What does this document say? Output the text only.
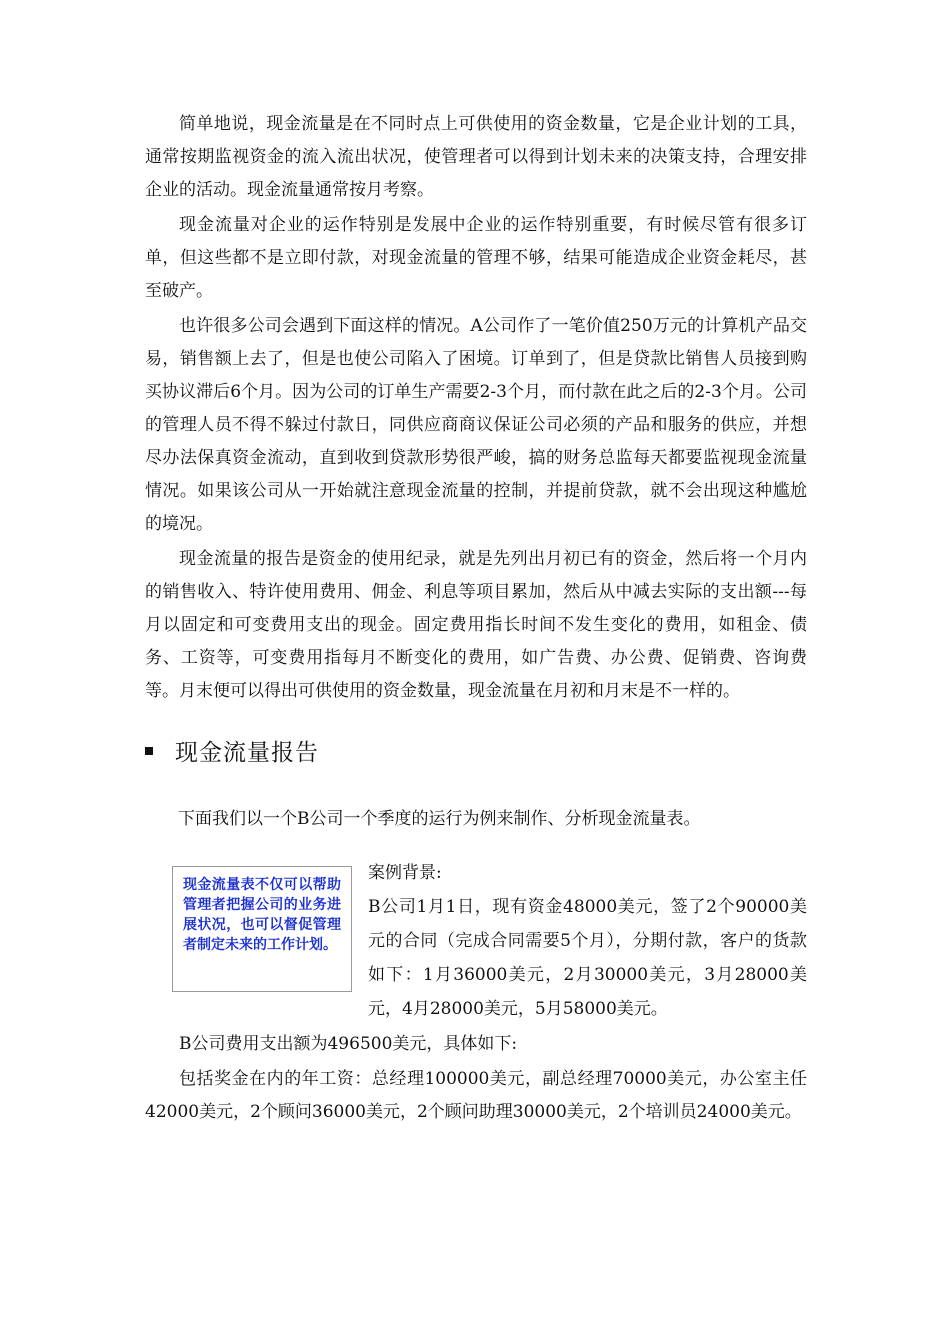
简单地说，现金流量是在不同时点上可供使用的资金数量，它是企业计划的工具，通常按期监视资金的流入流出状况，使管理者可以得到计划未来的决策支持，合理安排企业的活动。现金流量通常按月考察。

现金流量对企业的运作特别是发展中企业的运作特别重要，有时候尽管有很多订单，但这些都不是立即付款，对现金流量的管理不够，结果可能造成企业资金耗尽，甚至破产。

也许很多公司会遇到下面这样的情况。A公司作了一笔价值250万元的计算机产品交易，销售额上去了，但是也使公司陷入了困境。订单到了，但是贷款比销售人员接到购买协议滞后6个月。因为公司的订单生产需要2-3个月，而付款在此之后的2-3个月。公司的管理人员不得不躲过付款日，同供应商商议保证公司必须的产品和服务的供应，并想尽办法保真资金流动，直到收到贷款形势很严峻，搞的财务总监每天都要监视现金流量情况。如果该公司从一开始就注意现金流量的控制，并提前贷款，就不会出现这种尴尬的境况。

现金流量的报告是资金的使用纪录，就是先列出月初已有的资金，然后将一个月内的销售收入、特许使用费用、佣金、利息等项目累加，然后从中减去实际的支出额---每月以固定和可变费用支出的现金。固定费用指长时间不发生变化的费用，如租金、债务、工资等，可变费用指每月不断变化的费用，如广告费、办公费、促销费、咨询费等。月末便可以得出可供使用的资金数量，现金流量在月初和月末是不一样的。

现金流量报告

下面我们以一个B公司一个季度的运行为例来制作、分析现金流量表。

现金流量表不仅可以帮助管理者把握公司的业务进展状况，也可以督促管理者制定未来的工作计划。

案例背景:

B公司1月1日，现有资金48000美元，签了2个90000美元的合同（完成合同需要5个月），分期付款，客户的货款如下：1月36000美元，2月30000美元，3月28000美元，4月28000美元，5月58000美元。

B公司费用支出额为496500美元，具体如下:

包括奖金在内的年工资：总经理100000美元，副总经理70000美元，办公室主任42000美元，2个顾问36000美元，2个顾问助理30000美元，2个培训员24000美元。
